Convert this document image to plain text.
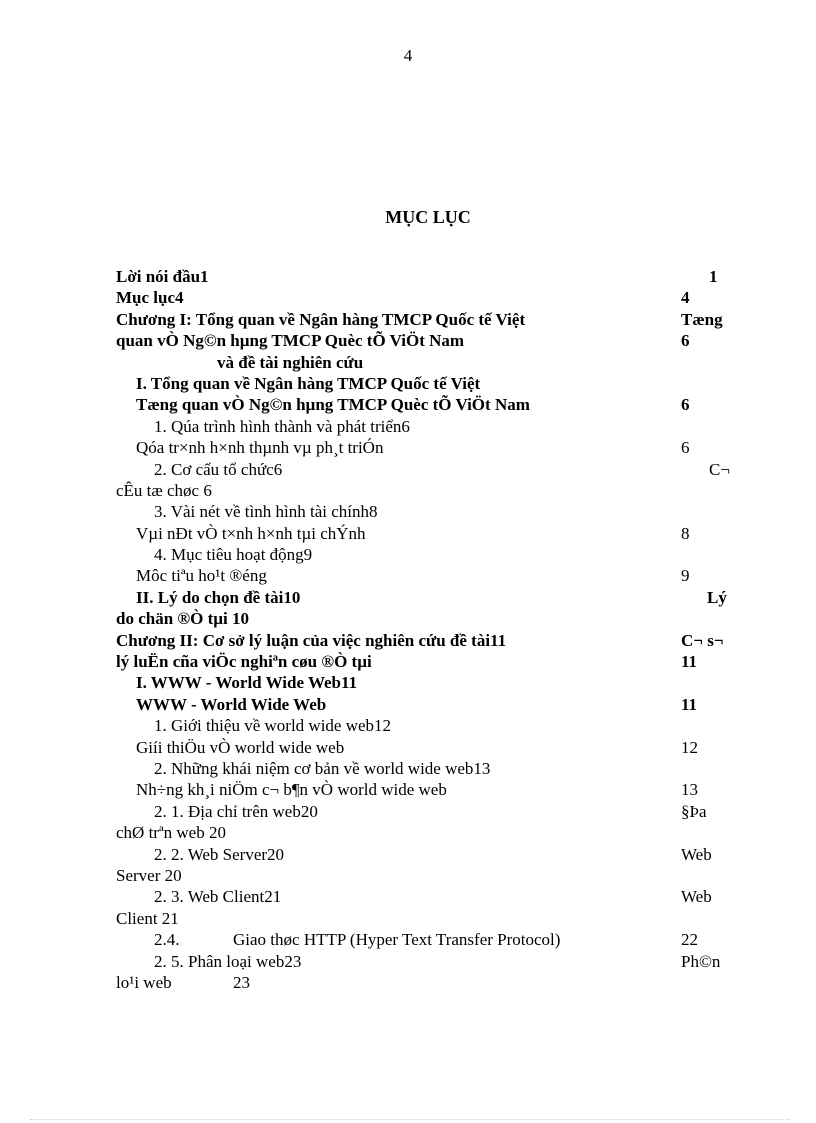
4
MỤC LỤC
Lời nói đầu1	1
Mục lục4	4
Chương I: Tổng quan về Ngân hàng TMCP Quốc tế Việt	Tæng
quan vÒ Ng©n hµng TMCP Quèc tÕ ViÖt Nam	6
và đề tài nghiên cứu
I. Tổng quan về Ngân hàng TMCP Quốc tế Việt
Tæng quan vÒ Ng©n hµng TMCP Quèc tÕ ViÖt Nam	6
1. Qúa trình hình thành và phát triển6
Qóa tr×nh h×nh thµnh vµ ph¸t triÓn	6
2. Cơ cấu tổ chức6	C¬
cÊu tæ chøc 6
3. Vài nét về tình hình tài chính8
Vµi nÐt vÒ t×nh h×nh tµi chÝnh	8
4. Mục tiêu hoạt động9
Môc tiªu ho¹t ®éng	9
II. Lý do chọn đề tài10	Lý
do chän ®Ò tµi 10
Chương II: Cơ sở lý luận của việc nghiên cứu đề tài11	C¬ s¬
lý luËn cña viÖc nghiªn cøu ®Ò tµi	11
I. WWW - World Wide Web11
WWW - World Wide Web	11
1. Giới thiệu về world wide web12
Giíi thiÖu vÒ world wide web	12
2. Những khái niệm cơ bản về world wide web13
Nh÷ng kh¸i niÖm c¬ b¶n vÒ world wide web	13
2. 1. Địa chỉ trên web20	§Þa
chØ trªn web 20
2. 2. Web Server20	Web
Server 20
2. 3. Web Client21	Web
Client 21
2.4.	Giao thøc HTTP (Hyper Text Transfer Protocol)	22
2. 5. Phân loại web23	Ph©n
lo¹i web	23
